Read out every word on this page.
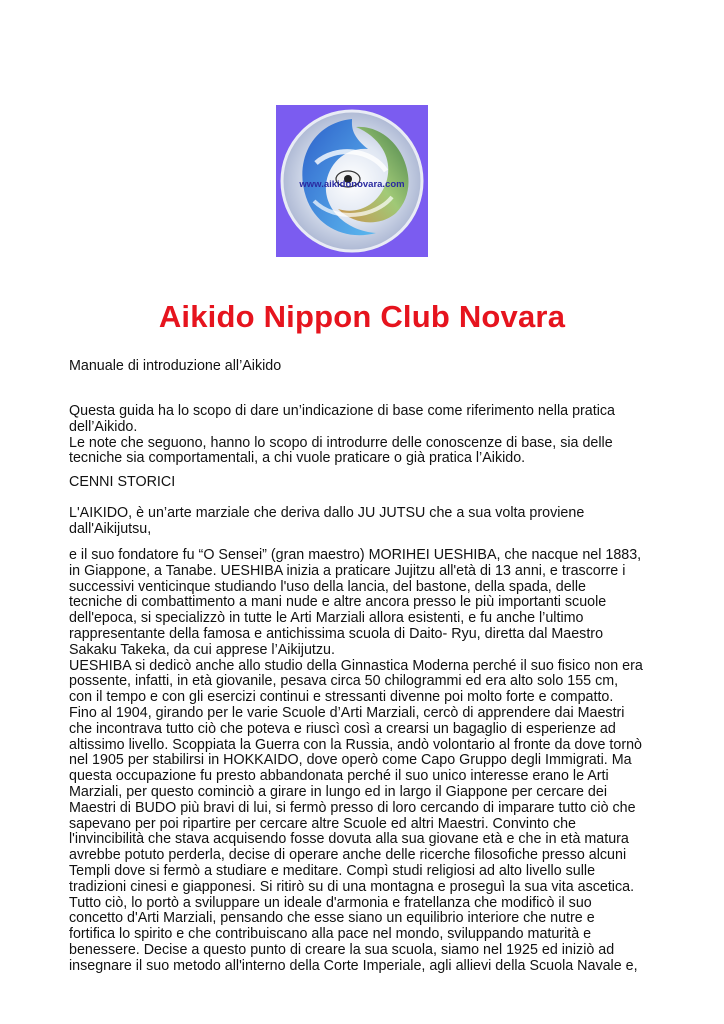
www.aikidonovara.com
Aikido Nippon Club Novara

Manuale di introduzione all’Aikido

Questa guida ha lo scopo di dare un’indicazione di base come riferimento nella pratica

dell’Aikido.

Le note che seguono, hanno lo scopo di introdurre delle conoscenze di base, sia delle

tecniche sia comportamentali, a chi vuole praticare o già pratica l’Aikido.

CENNI STORICI

L'AIKIDO, è un’arte marziale che deriva dallo JU JUTSU che a sua volta proviene

dall'Aikijutsu,

e il suo fondatore fu “O Sensei” (gran maestro) MORIHEI UESHIBA, che nacque nel 1883,

in Giappone, a Tanabe. UESHIBA inizia a praticare Jujitzu all'età di 13 anni, e trascorre i

successivi venticinque studiando l'uso della lancia, del bastone, della spada, delle

tecniche di combattimento a mani nude e altre ancora presso le più importanti scuole

dell'epoca, si specializzò in tutte le Arti Marziali allora esistenti, e fu anche l’ultimo

rappresentante della famosa e antichissima scuola di Daito- Ryu, diretta dal Maestro

Sakaku Takeka, da cui apprese l’Aikijutzu.

UESHIBA si dedicò anche allo studio della Ginnastica Moderna perché il suo fisico non era

possente, infatti, in età giovanile, pesava circa 50 chilogrammi ed era alto solo 155 cm,

con il tempo e con gli esercizi continui e stressanti divenne poi molto forte e compatto.

Fino al 1904, girando per le varie Scuole d’Arti Marziali, cercò di apprendere dai Maestri

che incontrava tutto ciò che poteva e riuscì così a crearsi un bagaglio di esperienze ad

altissimo livello. Scoppiata la Guerra con la Russia, andò volontario al fronte da dove tornò

nel 1905 per stabilirsi in HOKKAIDO, dove operò come Capo Gruppo degli Immigrati. Ma

questa occupazione fu presto abbandonata perché il suo unico interesse erano le Arti

Marziali, per questo cominciò a girare in lungo ed in largo il Giappone per cercare dei

Maestri di BUDO più bravi di lui, si fermò presso di loro cercando di imparare tutto ciò che

sapevano per poi ripartire per cercare altre Scuole ed altri Maestri. Convinto che

l'invincibilità che stava acquisendo fosse dovuta alla sua giovane età e che in età matura

avrebbe potuto perderla, decise di operare anche delle ricerche filosofiche presso alcuni

Templi dove si fermò a studiare e meditare. Compì studi religiosi ad alto livello sulle

tradizioni cinesi e giapponesi. Si ritirò su di una montagna e proseguì la sua vita ascetica.

Tutto ciò, lo portò a sviluppare un ideale d'armonia e fratellanza che modificò il suo

concetto d'Arti Marziali, pensando che esse siano un equilibrio interiore che nutre e

fortifica lo spirito e che contribuiscano alla pace nel mondo, sviluppando maturità e

benessere. Decise a questo punto di creare la sua scuola, siamo nel 1925 ed iniziò ad

insegnare il suo metodo all'interno della Corte Imperiale, agli allievi della Scuola Navale e,
